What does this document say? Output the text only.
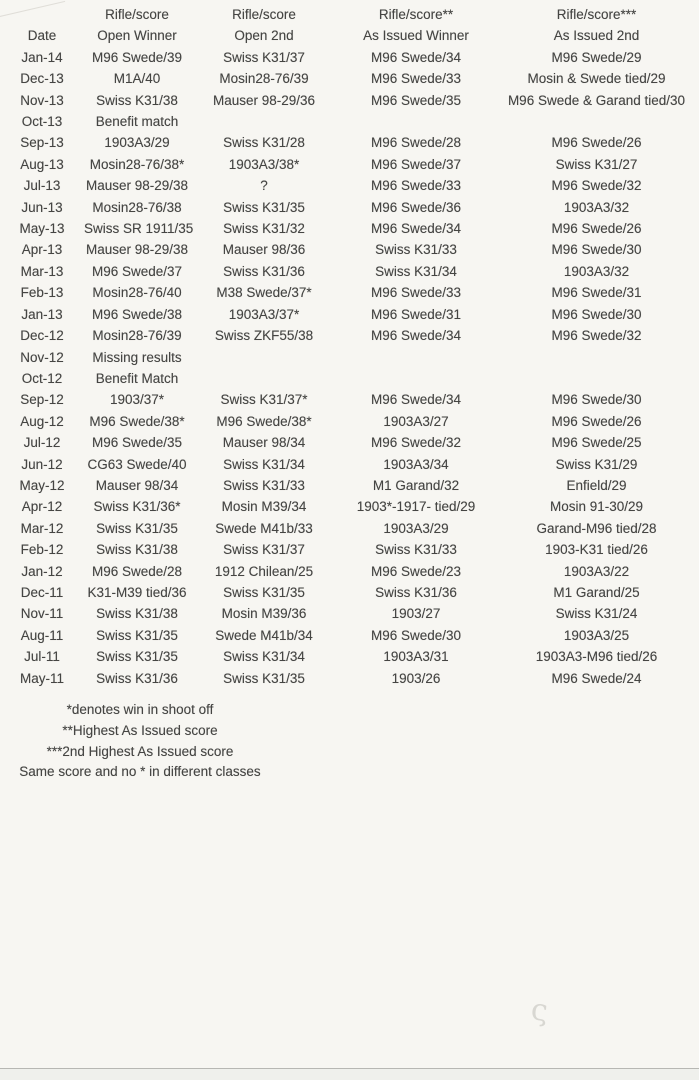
	Rifle/score	Rifle/score	Rifle/score**	Rifle/score***
Date	Open Winner	Open 2nd	As Issued Winner	As Issued 2nd
Jan-14	M96 Swede/39	Swiss K31/37	M96 Swede/34	M96 Swede/29
Dec-13	M1A/40	Mosin28-76/39	M96 Swede/33	Mosin & Swede tied/29
Nov-13	Swiss K31/38	Mauser 98-29/36	M96 Swede/35	M96 Swede & Garand tied/30
Oct-13	Benefit match			
Sep-13	1903A3/29	Swiss K31/28	M96 Swede/28	M96 Swede/26
Aug-13	Mosin28-76/38*	1903A3/38*	M96 Swede/37	Swiss K31/27
Jul-13	Mauser 98-29/38	?	M96 Swede/33	M96 Swede/32
Jun-13	Mosin28-76/38	Swiss K31/35	M96 Swede/36	1903A3/32
May-13	Swiss SR 1911/35	Swiss K31/32	M96 Swede/34	M96 Swede/26
Apr-13	Mauser 98-29/38	Mauser 98/36	Swiss K31/33	M96 Swede/30
Mar-13	M96 Swede/37	Swiss K31/36	Swiss K31/34	1903A3/32
Feb-13	Mosin28-76/40	M38 Swede/37*	M96 Swede/33	M96 Swede/31
Jan-13	M96 Swede/38	1903A3/37*	M96 Swede/31	M96 Swede/30
Dec-12	Mosin28-76/39	Swiss ZKF55/38	M96 Swede/34	M96 Swede/32
Nov-12	Missing results			
Oct-12	Benefit Match			
Sep-12	1903/37*	Swiss K31/37*	M96 Swede/34	M96 Swede/30
Aug-12	M96 Swede/38*	M96 Swede/38*	1903A3/27	M96 Swede/26
Jul-12	M96 Swede/35	Mauser 98/34	M96 Swede/32	M96 Swede/25
Jun-12	CG63 Swede/40	Swiss K31/34	1903A3/34	Swiss K31/29
May-12	Mauser 98/34	Swiss K31/33	M1 Garand/32	Enfield/29
Apr-12	Swiss K31/36*	Mosin M39/34	1903*-1917- tied/29	Mosin 91-30/29
Mar-12	Swiss K31/35	Swede M41b/33	1903A3/29	Garand-M96 tied/28
Feb-12	Swiss K31/38	Swiss K31/37	Swiss K31/33	1903-K31 tied/26
Jan-12	M96 Swede/28	1912 Chilean/25	M96 Swede/23	1903A3/22
Dec-11	K31-M39 tied/36	Swiss K31/35	Swiss K31/36	M1 Garand/25
Nov-11	Swiss K31/38	Mosin M39/36	1903/27	Swiss K31/24
Aug-11	Swiss K31/35	Swede M41b/34	M96 Swede/30	1903A3/25
Jul-11	Swiss K31/35	Swiss K31/34	1903A3/31	1903A3-M96 tied/26
May-11	Swiss K31/36	Swiss K31/35	1903/26	M96 Swede/24
*denotes win in shoot off
**Highest As Issued score
***2nd Highest As Issued score
Same score and no * in different classes
ς
